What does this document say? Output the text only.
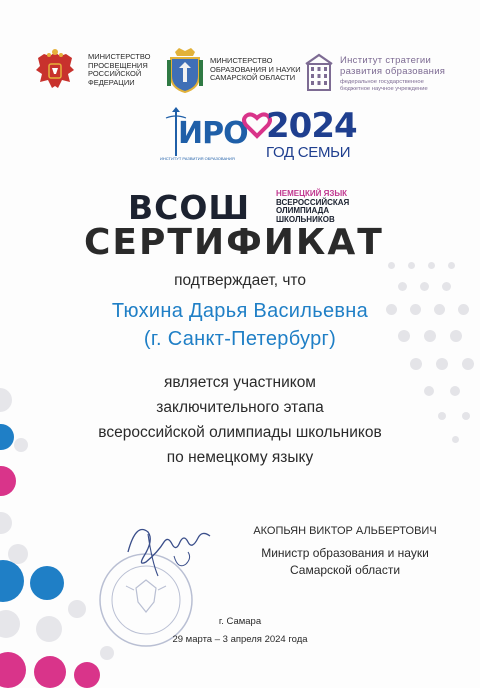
МИНИСТЕРСТВО
ПРОСВЕЩЕНИЯ
РОССИЙСКОЙ
ФЕДЕРАЦИИ
МИНИСТЕРСТВО
ОБРАЗОВАНИЯ И НАУКИ
САМАРСКОЙ ОБЛАСТИ
Институт стратегии
развития образования
федеральное государственное
бюджетное научное учреждение
ИРО
ИНСТИТУТ РАЗВИТИЯ ОБРАЗОВАНИЯ
2024
ГОД СЕМЬИ
ВСОШ	НЕМЕЦКИЙ ЯЗЫК
ВСЕРОССИЙСКАЯ
ОЛИМПИАДА
ШКОЛЬНИКОВ
СЕРТИФИКАТ
подтверждает, что
Тюхина Дарья Васильевна
(г. Санкт-Петербург)
является участником
заключительного этапа
всероссийской олимпиады школьников
по немецкому языку
АКОПЬЯН ВИКТОР АЛЬБЕРТОВИЧ
Министр образования и науки
Самарской области
г. Самара
29 марта – 3 апреля 2024 года
